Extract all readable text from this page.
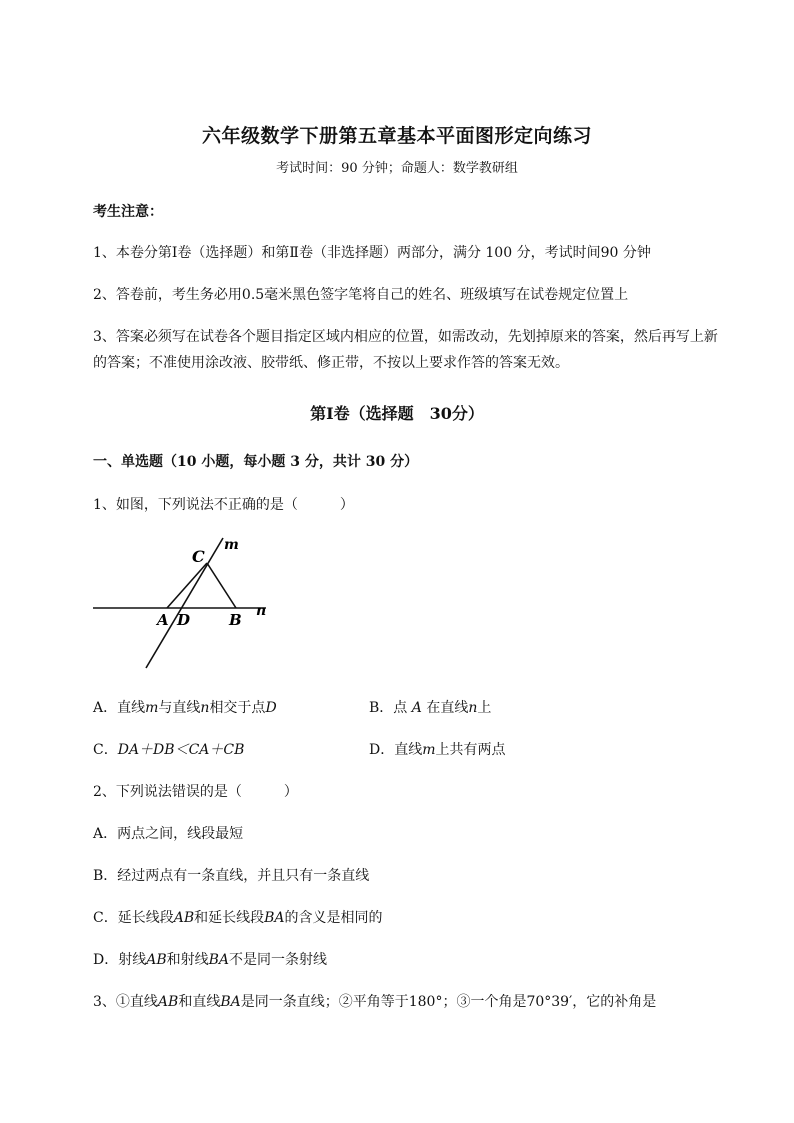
六年级数学下册第五章基本平面图形定向练习
考试时间：90 分钟；命题人：数学教研组
考生注意：
1、本卷分第Ⅰ卷（选择题）和第Ⅱ卷（非选择题）两部分，满分 100 分，考试时间90 分钟
2、答卷前，考生务必用0.5毫米黑色签字笔将自己的姓名、班级填写在试卷规定位置上
3、答案必须写在试卷各个题目指定区域内相应的位置，如需改动，先划掉原来的答案，然后再写上新
的答案；不准使用涂改液、胶带纸、修正带，不按以上要求作答的答案无效。
第Ⅰ卷（选择题　30分）
一、单选题（10 小题，每小题 3 分，共计 30 分）
1、如图，下列说法不正确的是（　　　）
C
m
A D	B n
A．直线m与直线n相交于点D	B．点 A 在直线n上
C．DA＋DB＜CA＋CB	D．直线m上共有两点
2、下列说法错误的是（　　　）
A．两点之间，线段最短
B．经过两点有一条直线，并且只有一条直线
C．延长线段AB和延长线段BA的含义是相同的
D．射线AB和射线BA不是同一条射线
3、①直线AB和直线BA是同一条直线；②平角等于180°；③一个角是70°39′，它的补角是
